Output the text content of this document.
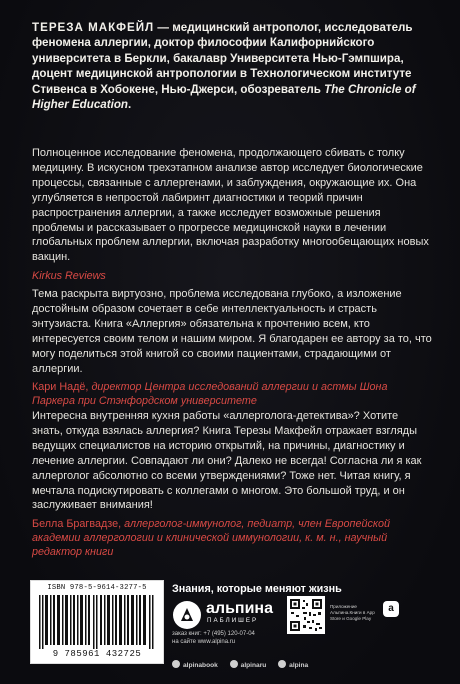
ТЕРЕЗА МАКФЕЙЛ — медицинский антрополог, исследователь феномена аллергии, доктор философии Калифорнийского университета в Беркли, бакалавр Университета Нью-Гэмпшира, доцент медицинской антропологии в Технологическом институте Стивенса в Хобокене, Нью-Джерси, обозреватель The Chronicle of Higher Education.
Полноценное исследование феномена, продолжающего сбивать с толку медицину. В искусном трехэтапном анализе автор исследует биологические процессы, связанные с аллергенами, и заблуждения, окружающие их. Она углубляется в непростой лабиринт диагностики и теорий причин распространения аллергии, а также исследует возможные решения проблемы и рассказывает о прогрессе медицинской науки в лечении глобальных проблем аллергии, включая разработку многообещающих новых вакцин.
Kirkus Reviews
Тема раскрыта виртуозно, проблема исследована глубоко, а изложение достойным образом сочетает в себе интеллектуальность и страсть энтузиаста. Книга «Аллергия» обязательна к прочтению всем, кто интересуется своим телом и нашим миром. Я благодарен ее автору за то, что могу поделиться этой книгой со своими пациентами, страдающими от аллергии.
Кари Надё, директор Центра исследований аллергии и астмы Шона Паркера при Стэнфордском университете
Интересна внутренняя кухня работы «аллерголога-детектива»? Хотите знать, откуда взялась аллергия? Книга Терезы Макфейл отражает взгляды ведущих специалистов на историю открытий, на причины, диагностику и лечение аллергии. Совпадают ли они? Далеко не всегда! Согласна ли я как аллерголог абсолютно со всеми утверждениями? Тоже нет. Читая книгу, я мечтала подискутировать с коллегами о многом. Это большой труд, и он заслуживает внимания!
Белла Брагвадзе, аллерголог-иммунолог, педиатр, член Европейской академии аллергологии и клинической иммунологии, к. м. н., научный редактор книги
ISBN 978-5-9614-3277-5
9 785961 432725
Знания, которые меняют жизнь
альпина
ПАБЛИШЕР
заказ книг: +7 (495) 120-07-04
на сайте www.alpina.ru
Приложение Альпина.Книги в App Store и Google Play
a
alpinabook	alpinaru	alpina
